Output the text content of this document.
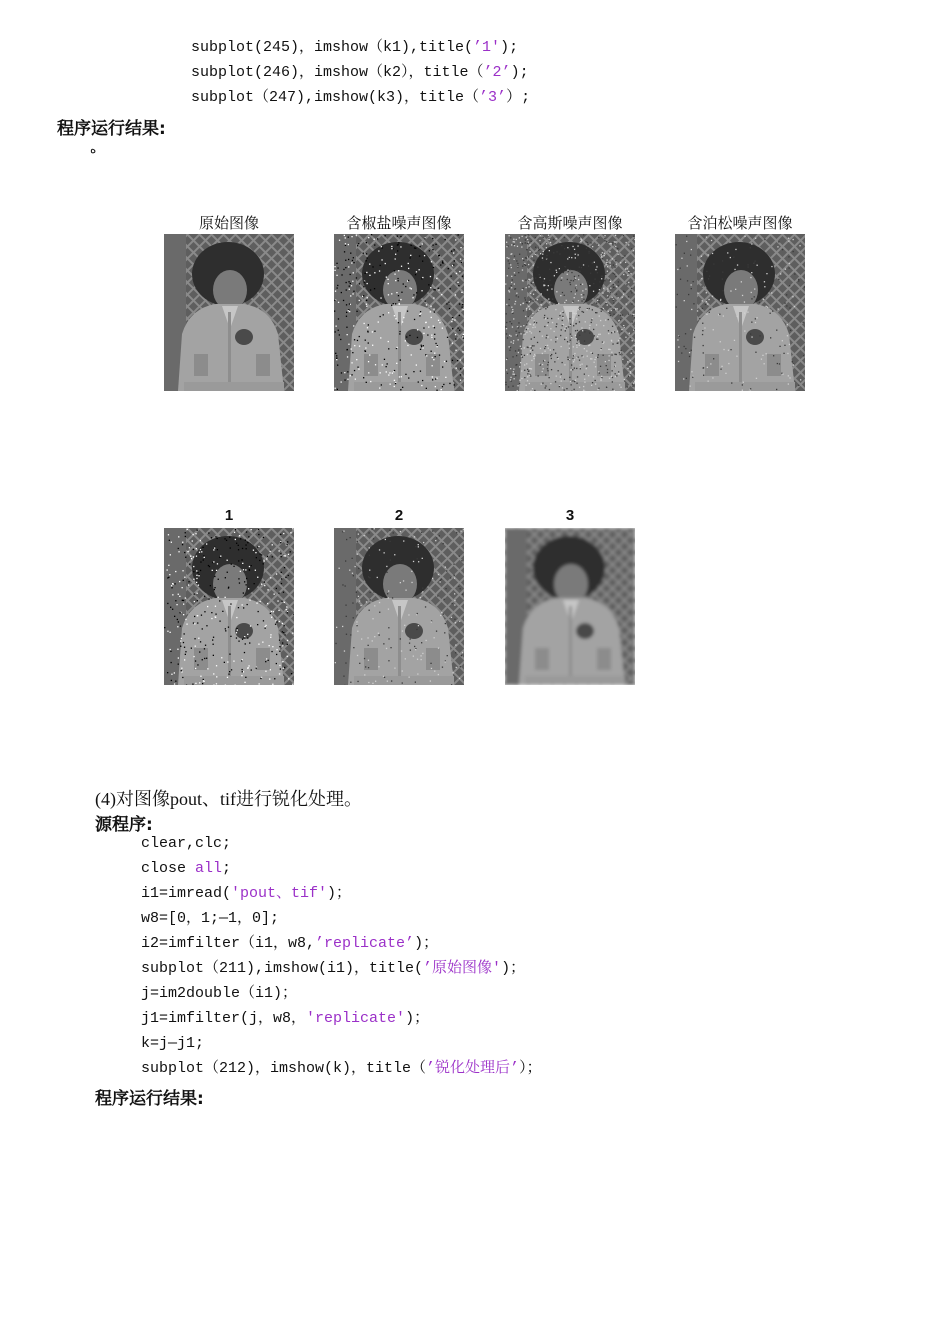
subplot(245)，imshow（k1),title(’1');
subplot(246)，imshow（k2），title（’2’);
subplot（247),imshow(k3)，title（’3’）;
程序运行结果:
ه
原始图像	含椒盐噪声图像	含高斯噪声图像	含泊松噪声图像
1	2	3
(4)对图像pout、tif进行锐化处理。
源程序:
clear,clc;
close all;
i1=imread('pout、tif')；
w8=[0，1;—1，0];
i2=imfilter（i1，w8,’replicate’)；
subplot（211),imshow(i1)，title(’原始图像')；
j=im2double（i1)；
j1=imfilter(j，w8，'replicate')；
k=j—j1;
subplot（212)，imshow(k)，title（’锐化处理后’）；
程序运行结果:
